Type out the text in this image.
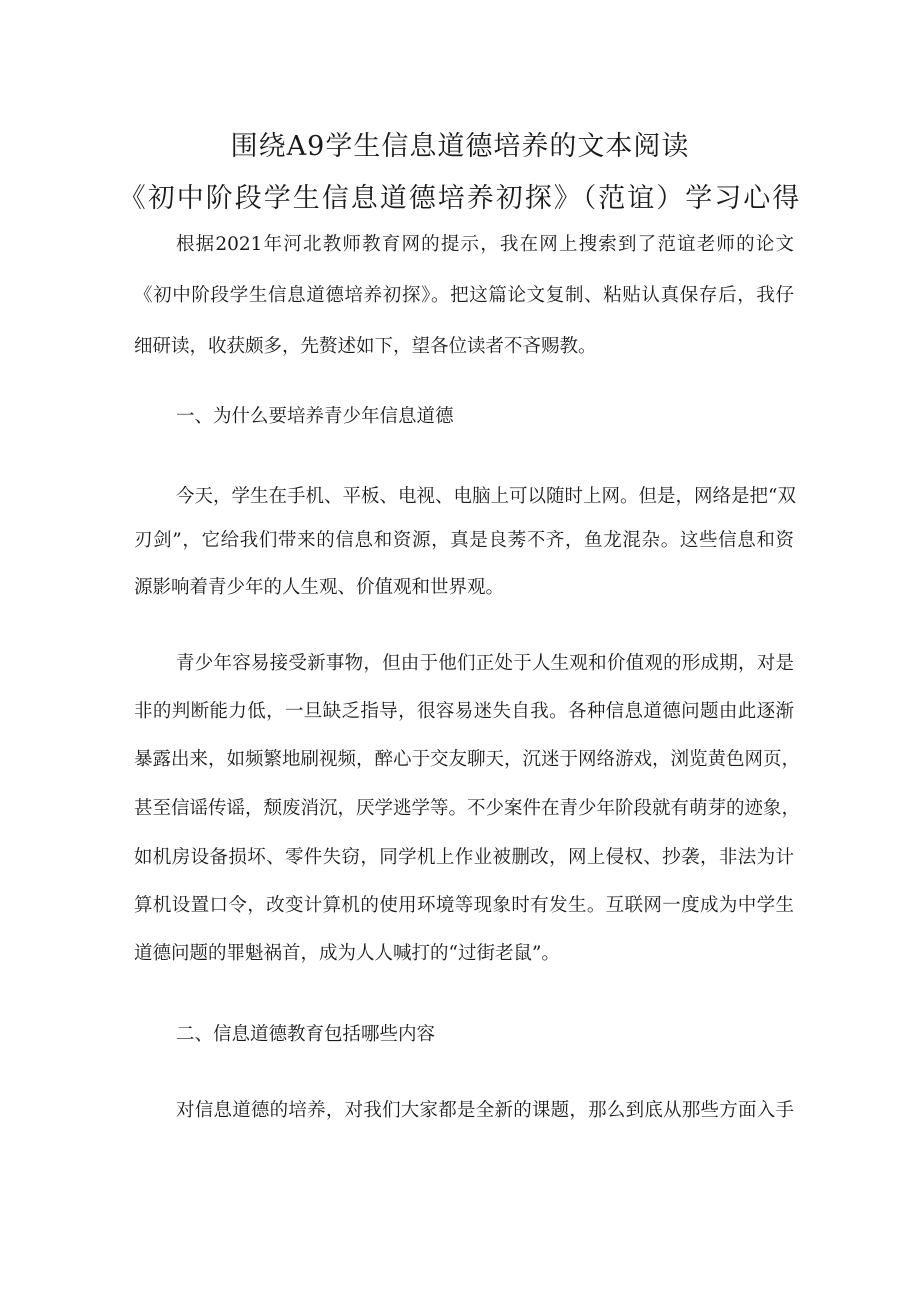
围绕A9学生信息道德培养的文本阅读
《初中阶段学生信息道德培养初探》（范谊）学习心得
根据2021年河北教师教育网的提示，我在网上搜索到了范谊老师的论文
《初中阶段学生信息道德培养初探》。把这篇论文复制、粘贴认真保存后，我仔
细研读，收获颇多，先赘述如下，望各位读者不吝赐教。
一、为什么要培养青少年信息道德
今天，学生在手机、平板、电视、电脑上可以随时上网。但是，网络是把“双
刃剑”，它给我们带来的信息和资源，真是良莠不齐，鱼龙混杂。这些信息和资
源影响着青少年的人生观、价值观和世界观。
青少年容易接受新事物，但由于他们正处于人生观和价值观的形成期，对是
非的判断能力低，一旦缺乏指导，很容易迷失自我。各种信息道德问题由此逐渐
暴露出来，如频繁地刷视频，醉心于交友聊天，沉迷于网络游戏，浏览黄色网页，
甚至信谣传谣，颓废消沉，厌学逃学等。不少案件在青少年阶段就有萌芽的迹象，
如机房设备损坏、零件失窃，同学机上作业被删改，网上侵权、抄袭，非法为计
算机设置口令，改变计算机的使用环境等现象时有发生。互联网一度成为中学生
道德问题的罪魁祸首，成为人人喊打的“过街老鼠”。
二、信息道德教育包括哪些内容
对信息道德的培养，对我们大家都是全新的课题，那么到底从那些方面入手
